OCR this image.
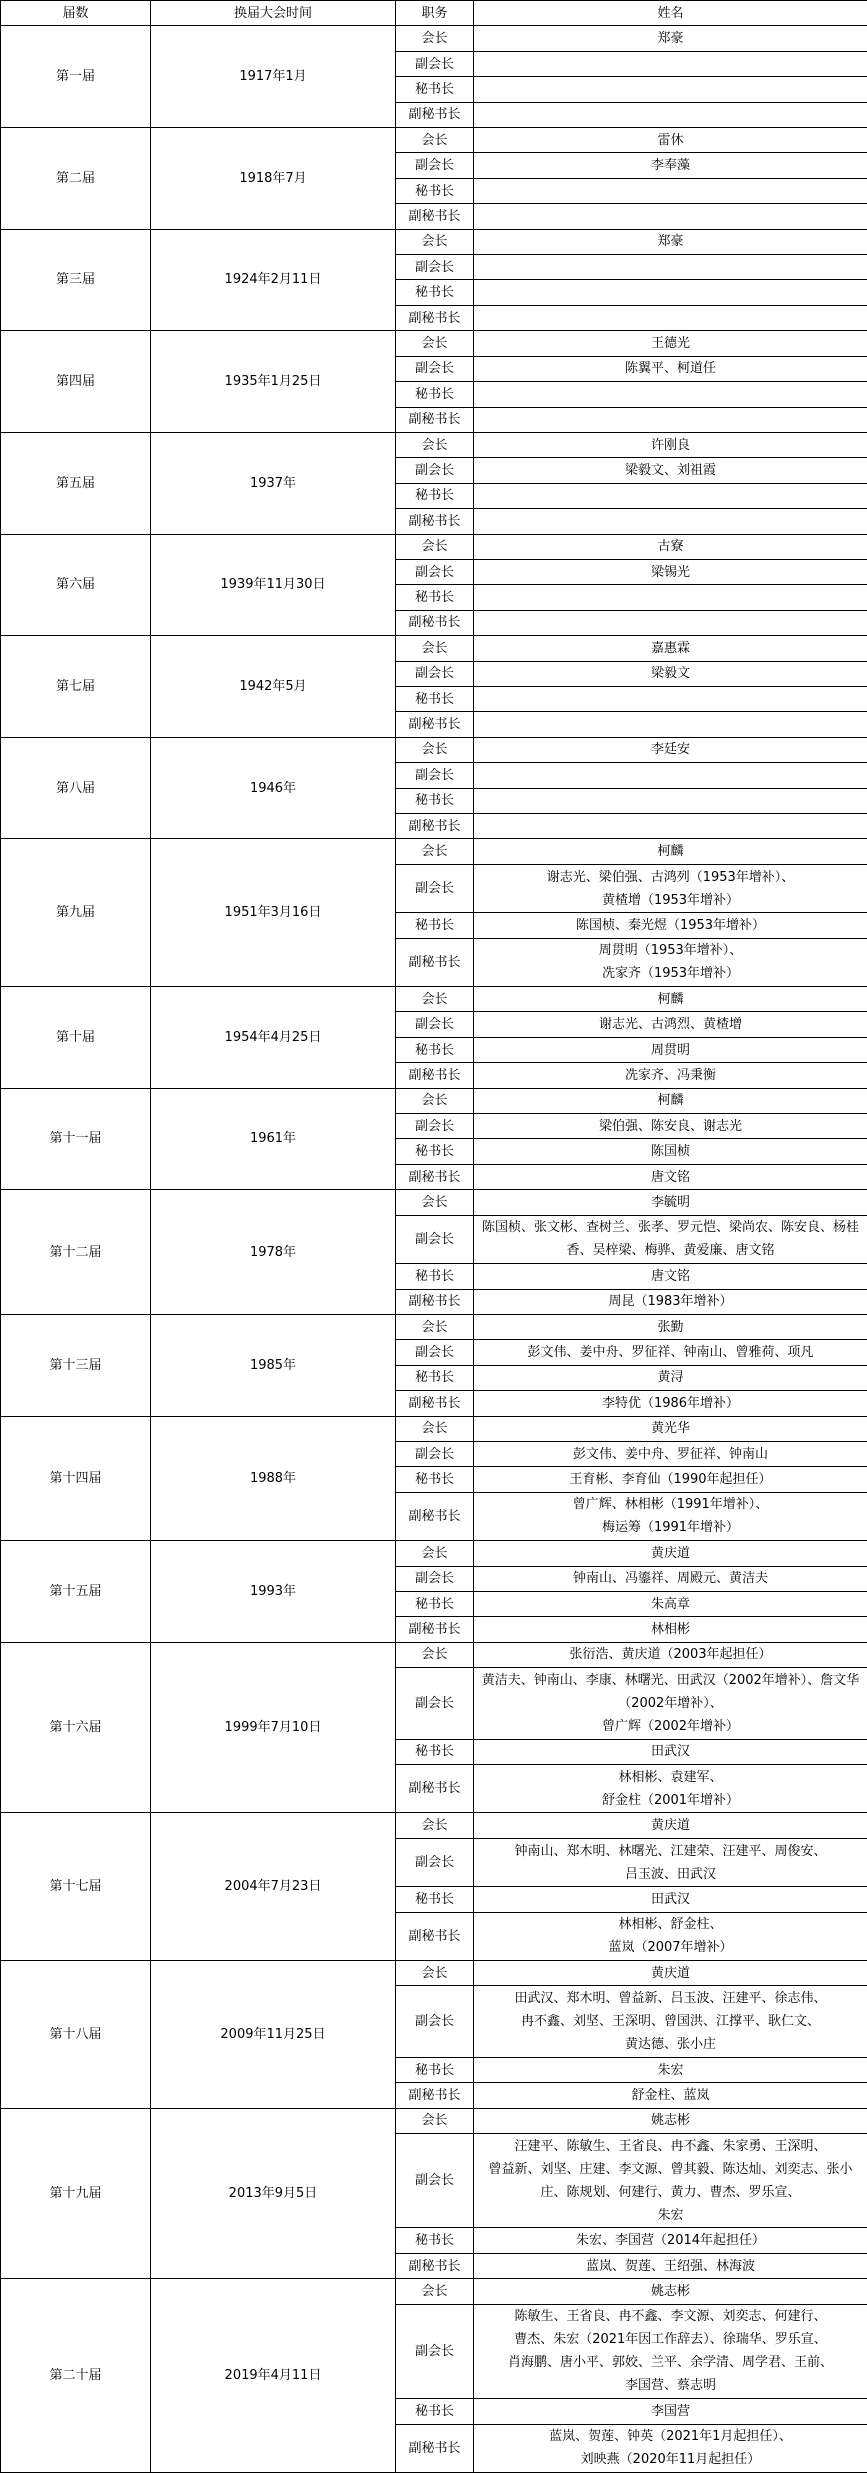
届数	换届大会时间	职务	姓名
第一届	1917年1月	会长	郑豪
		副会长	
		秘书长	
		副秘书长	
第二届	1918年7月	会长	雷休
		副会长	李奉藻
		秘书长	
		副秘书长	
第三届	1924年2月11日	会长	郑豪
		副会长	
		秘书长	
		副秘书长	
第四届	1935年1月25日	会长	王德光
		副会长	陈翼平、柯道任
		秘书长	
		副秘书长	
第五届	1937年	会长	许刚良
		副会长	梁毅文、刘祖霞
		秘书长	
		副秘书长	
第六届	1939年11月30日	会长	古寮
		副会长	梁锡光
		秘书长	
		副秘书长	
第七届	1942年5月	会长	嘉惠霖
		副会长	梁毅文
		秘书长	
		副秘书长	
第八届	1946年	会长	李廷安
		副会长	
		秘书长	
		副秘书长	
第九届	1951年3月16日	会长	柯麟
		副会长	谢志光、梁伯强、古鸿列（1953年增补）、
黄楂增（1953年增补）
		秘书长	陈国桢、秦光煜（1953年增补）
		副秘书长	周贯明（1953年增补）、
冼家齐（1953年增补）
第十届	1954年4月25日	会长	柯麟
		副会长	谢志光、古鸿烈、黄楂增
		秘书长	周贯明
		副秘书长	冼家齐、冯秉衡
第十一届	1961年	会长	柯麟
		副会长	梁伯强、陈安良、谢志光
		秘书长	陈国桢
		副秘书长	唐文铭
第十二届	1978年	会长	李毓明
		副会长	陈国桢、张文彬、查树兰、张孝、罗元恺、梁尚农、陈安良、杨桂香、吴梓梁、梅骅、黄爱廉、唐文铭
		秘书长	唐文铭
		副秘书长	周昆（1983年增补）
第十三届	1985年	会长	张勤
		副会长	彭文伟、姜中舟、罗征祥、钟南山、曾雅荷、项凡
		秘书长	黄浔
		副秘书长	李特优（1986年增补）
第十四届	1988年	会长	黄光华
		副会长	彭文伟、姜中舟、罗征祥、钟南山
		秘书长	王育彬、李育仙（1990年起担任）
		副秘书长	曾广辉、林相彬（1991年增补）、
梅运筹（1991年增补）
第十五届	1993年	会长	黄庆道
		副会长	钟南山、冯鎏祥、周殿元、黄洁夫
		秘书长	朱高章
		副秘书长	林相彬
第十六届	1999年7月10日	会长	张衍浩、黄庆道（2003年起担任）
		副会长	黄洁夫、钟南山、李康、林曙光、田武汉（2002年增补）、詹文华（2002年增补）、
曾广辉（2002年增补）
		秘书长	田武汉
		副秘书长	林相彬、袁建军、
舒金柱（2001年增补）
第十七届	2004年7月23日	会长	黄庆道
		副会长	钟南山、郑木明、林曙光、江建荣、汪建平、周俊安、
吕玉波、田武汉
		秘书长	田武汉
		副秘书长	林相彬、舒金柱、
蓝岚（2007年增补）
第十八届	2009年11月25日	会长	黄庆道
		副会长	田武汉、郑木明、曾益新、吕玉波、汪建平、徐志伟、
冉不鑫、刘坚、王深明、曾国洪、江撑平、耿仁文、
黄达德、张小庄
		秘书长	朱宏
		副秘书长	舒金柱、蓝岚
第十九届	2013年9月5日	会长	姚志彬
		副会长	汪建平、陈敏生、王省良、冉不鑫、朱家勇、王深明、
曾益新、刘坚、庄建、李文源、曾其毅、陈达灿、刘奕志、张小庄、陈规划、何建行、黄力、曹杰、罗乐宣、
朱宏
		秘书长	朱宏、李国营（2014年起担任）
		副秘书长	蓝岚、贺莲、王绍强、林海波
第二十届	2019年4月11日	会长	姚志彬
		副会长	陈敏生、王省良、冉不鑫、李文源、刘奕志、何建行、
曹杰、朱宏（2021年因工作辞去）、徐瑞华、罗乐宣、
肖海鹏、唐小平、郭姣、兰平、余学清、周学君、王前、
李国营、蔡志明
		秘书长	李国营
		副秘书长	蓝岚、贺莲、钟英（2021年1月起担任）、
刘映燕（2020年11月起担任）
